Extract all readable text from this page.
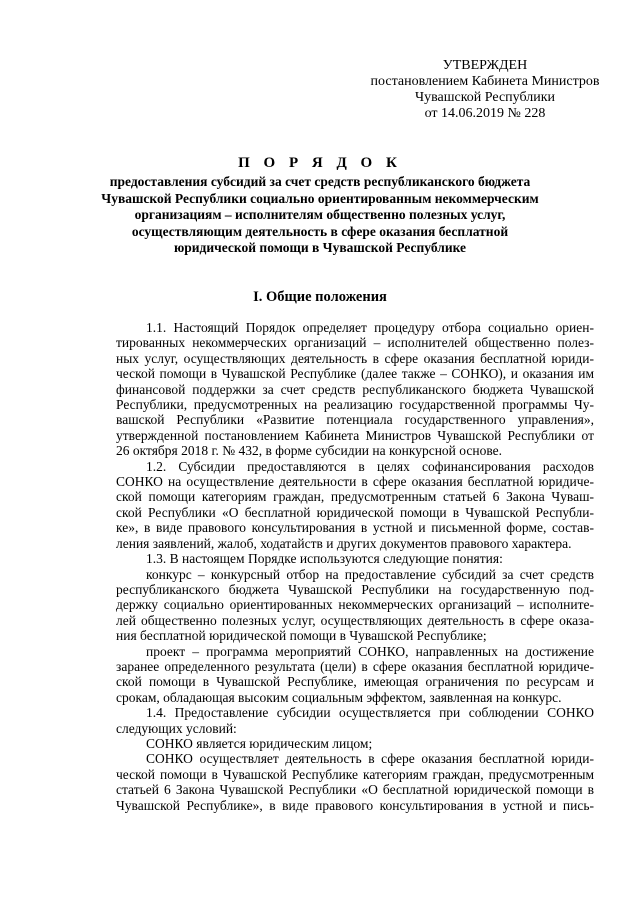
УТВЕРЖДЕН
постановлением Кабинета Министров
Чувашской Республики
от 14.06.2019 № 228
П О Р Я Д О К
предоставления субсидий за счет средств республиканского бюджета
Чувашской Республики социально ориентированным некоммерческим
организациям – исполнителям общественно полезных услуг,
осуществляющим деятельность в сфере оказания бесплатной
юридической помощи в Чувашской Республике
I. Общие положения
1.1. Настоящий Порядок определяет процедуру отбора социально ориен-
тированных некоммерческих организаций – исполнителей общественно полез-
ных услуг, осуществляющих деятельность в сфере оказания бесплатной юриди-
ческой помощи в Чувашской Республике (далее также – СОНКО), и оказания им
финансовой поддержки за счет средств республиканского бюджета Чувашской
Республики, предусмотренных на реализацию государственной программы Чу-
вашской Республики «Развитие потенциала государственного управления»,
утвержденной постановлением Кабинета Министров Чувашской Республики от
26 октября 2018 г. № 432, в форме субсидии на конкурсной основе.
1.2. Субсидии предоставляются в целях софинансирования расходов
СОНКО на осуществление деятельности в сфере оказания бесплатной юридиче-
ской помощи категориям граждан, предусмотренным статьей 6 Закона Чуваш-
ской Республики «О бесплатной юридической помощи в Чувашской Республи-
ке», в виде правового консультирования в устной и письменной форме, состав-
ления заявлений, жалоб, ходатайств и других документов правового характера.
1.3. В настоящем Порядке используются следующие понятия:
конкурс – конкурсный отбор на предоставление субсидий за счет средств
республиканского бюджета Чувашской Республики на государственную под-
держку социально ориентированных некоммерческих организаций – исполните-
лей общественно полезных услуг, осуществляющих деятельность в сфере оказа-
ния бесплатной юридической помощи в Чувашской Республике;
проект – программа мероприятий СОНКО, направленных на достижение
заранее определенного результата (цели) в сфере оказания бесплатной юридиче-
ской помощи в Чувашской Республике, имеющая ограничения по ресурсам и
срокам, обладающая высоким социальным эффектом, заявленная на конкурс.
1.4. Предоставление субсидии осуществляется при соблюдении СОНКО
следующих условий:
СОНКО является юридическим лицом;
СОНКО осуществляет деятельность в сфере оказания бесплатной юриди-
ческой помощи в Чувашской Республике категориям граждан, предусмотренным
статьей 6 Закона Чувашской Республики «О бесплатной юридической помощи в
Чувашской Республике», в виде правового консультирования в устной и пись-
